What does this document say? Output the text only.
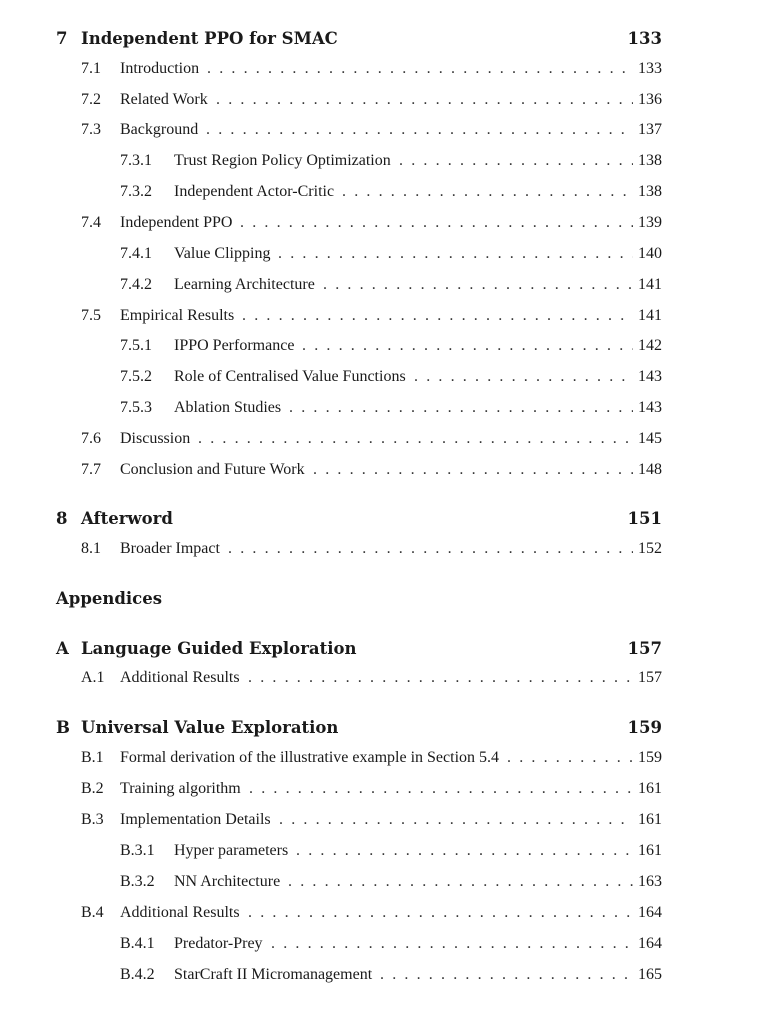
7 Independent PPO for SMAC	133
. . .
7.1 Introduction	133
. . .
7.2 Related Work	136
. . .
7.3 Background	137
. . .
7.3.1 Trust Region Policy Optimization	138
. . .
7.3.2 Independent Actor-Critic	138
. . .
7.4 Independent PPO	139
. . .
7.4.1 Value Clipping	140
. . .
7.4.2 Learning Architecture	141
. . .
7.5 Empirical Results	141
. . .
7.5.1 IPPO Performance	142
. . .
7.5.2 Role of Centralised Value Functions	143
. . .
7.5.3 Ablation Studies	143
. . .
7.6 Discussion	145
. . .
7.7 Conclusion and Future Work	148
8 Afterword	151
. . .
8.1 Broader Impact	152
Appendices
A Language Guided Exploration	157
. . .
A.1 Additional Results	157
B Universal Value Exploration	159
. . .
B.1 Formal derivation of the illustrative example in Section 5.4	159
. . .
B.2 Training algorithm	161
. . .
B.3 Implementation Details	161
. . .
B.3.1 Hyper parameters	161
. . .
B.3.2 NN Architecture	163
. . .
B.4 Additional Results	164
. . .
B.4.1 Predator-Prey	164
. . .
B.4.2 StarCraft II Micromanagement	165
